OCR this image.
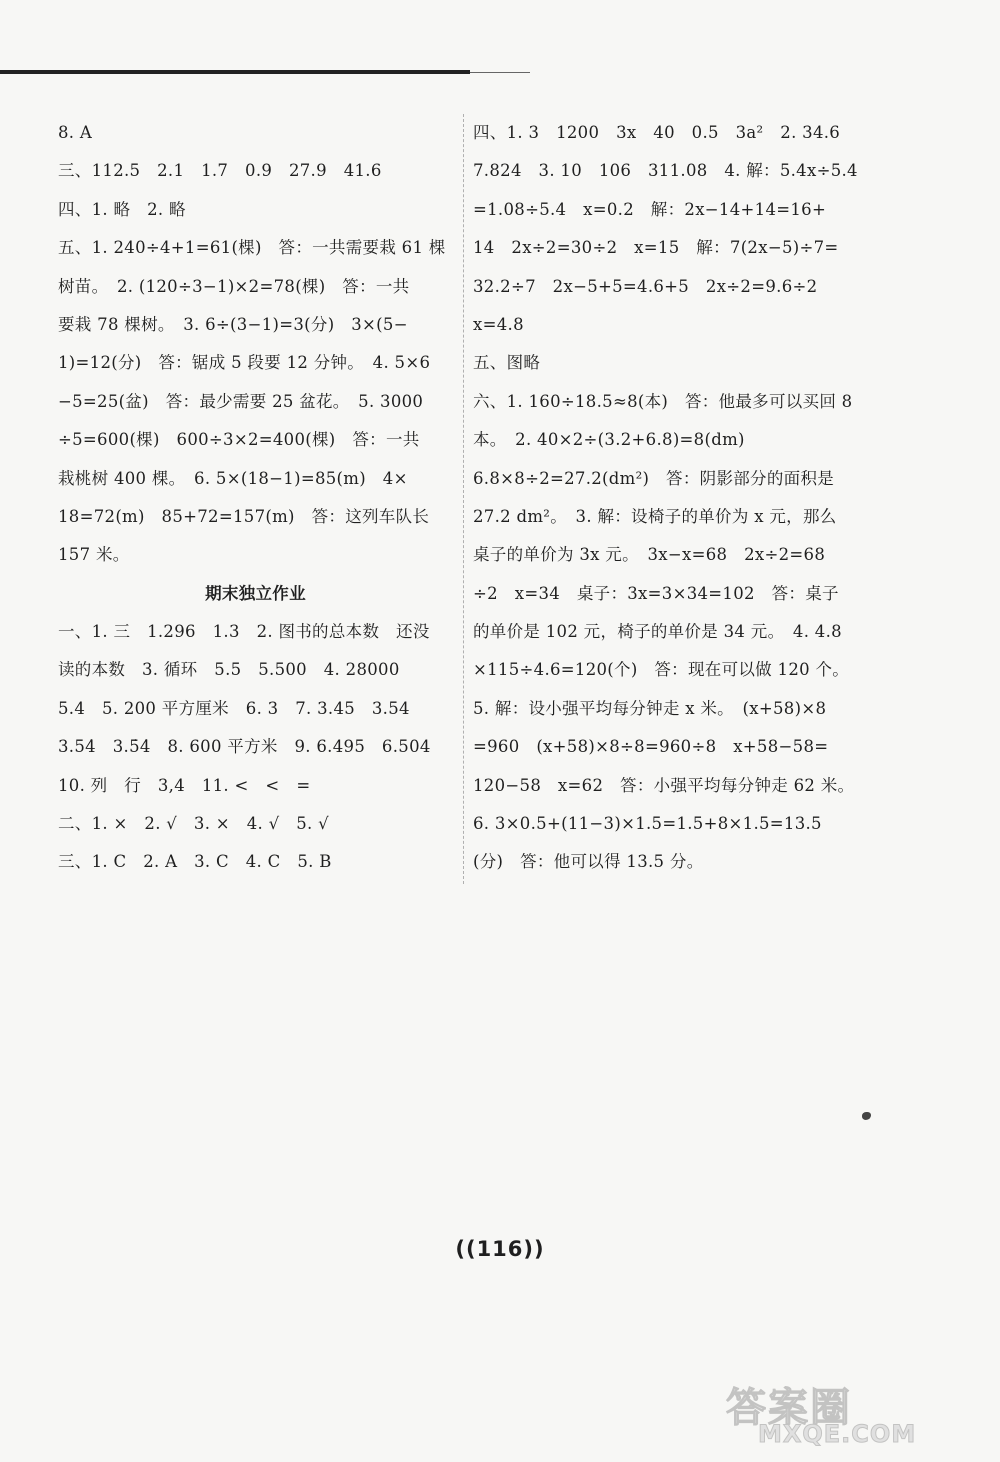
8. A
三、112.5　2.1　1.7　0.9　27.9　41.6
四、1. 略　2. 略
五、1. 240÷4+1=61(棵)　答：一共需要栽 61 棵
树苗。　2. (120÷3−1)×2=78(棵)　答：一共
要栽 78 棵树。　3. 6÷(3−1)=3(分)　3×(5−
1)=12(分)　答：锯成 5 段要 12 分钟。　4. 5×6
−5=25(盆)　答：最少需要 25 盆花。　5. 3000
÷5=600(棵)　600÷3×2=400(棵)　答：一共
栽桃树 400 棵。　6. 5×(18−1)=85(m)　4×
18=72(m)　85+72=157(m)　答：这列车队长
157 米。
期末独立作业
一、1. 三　1.296　1.3　2. 图书的总本数　还没
读的本数　3. 循环　5.5　5.500　4. 28000
5.4　5. 200 平方厘米　6. 3　7. 3.45　3.54
3.54̇　3.5̇4̇　8. 600 平方米　9. 6.495　6.504
10. 列　行　3,4　11. <　<　=
二、1. ×　2. √　3. ×　4. √　5. √
三、1. C　2. A　3. C　4. C　5. B
四、1. 3　1200　3x　40　0.5　3a²　2. 34.6
7.824　3. 10　106　311.08　4. 解：5.4x÷5.4
=1.08÷5.4　x=0.2　解：2x−14+14=16+
14　2x÷2=30÷2　x=15　解：7(2x−5)÷7=
32.2÷7　2x−5+5=4.6+5　2x÷2=9.6÷2
x=4.8
五、图略
六、1. 160÷18.5≈8(本)　答：他最多可以买回 8
本。　2. 40×2÷(3.2+6.8)=8(dm)
6.8×8÷2=27.2(dm²)　答：阴影部分的面积是
27.2 dm²。　3. 解：设椅子的单价为 x 元，那么
桌子的单价为 3x 元。　3x−x=68　2x÷2=68
÷2　x=34　桌子：3x=3×34=102　答：桌子
的单价是 102 元，椅子的单价是 34 元。　4. 4.8
×115÷4.6=120(个)　答：现在可以做 120 个。
5. 解：设小强平均每分钟走 x 米。　(x+58)×8
=960　(x+58)×8÷8=960÷8　x+58−58=
120−58　x=62　答：小强平均每分钟走 62 米。
6. 3×0.5+(11−3)×1.5=1.5+8×1.5=13.5
(分)　答：他可以得 13.5 分。
((116))
答案圈
MXQE.COM
